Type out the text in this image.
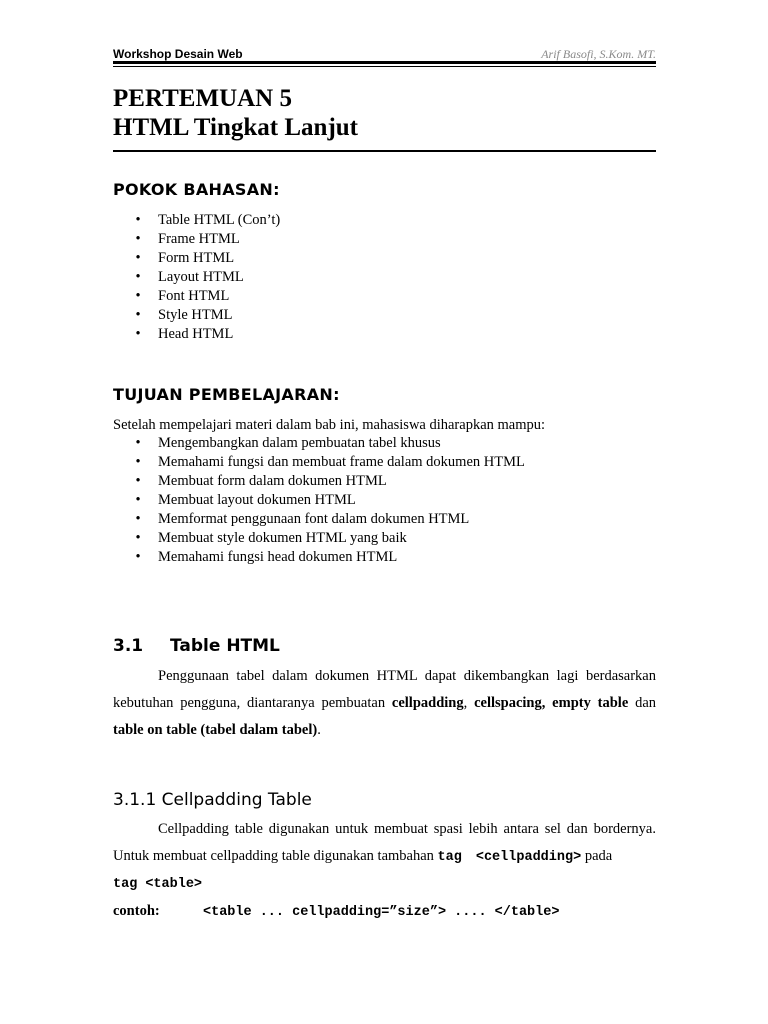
Workshop Desain Web	Arif Basofi, S.Kom. MT.
PERTEMUAN 5
HTML Tingkat Lanjut
POKOK BAHASAN:
• Table HTML (Con’t)
• Frame HTML
• Form HTML
• Layout HTML
• Font HTML
• Style HTML
• Head HTML
TUJUAN PEMBELAJARAN:
Setelah mempelajari materi dalam bab ini, mahasiswa diharapkan mampu:
• Mengembangkan dalam pembuatan tabel khusus
• Memahami fungsi dan membuat frame dalam dokumen HTML
• Membuat form dalam dokumen HTML
• Membuat layout dokumen HTML
• Memformat penggunaan font dalam dokumen HTML
• Membuat style dokumen HTML yang baik
• Memahami fungsi head dokumen HTML
3.1 Table HTML
Penggunaan tabel dalam dokumen HTML dapat dikembangkan lagi berdasarkan
kebutuhan pengguna, diantaranya pembuatan cellpadding, cellspacing, empty table dan
table on table (tabel dalam tabel).
3.1.1 Cellpadding Table
Cellpadding table digunakan untuk membuat spasi lebih antara sel dan bordernya.
Untuk membuat cellpadding table digunakan tambahan tag <cellpadding> pada
tag <table>
contoh:	<table ... cellpadding=”size”> .... </table>
